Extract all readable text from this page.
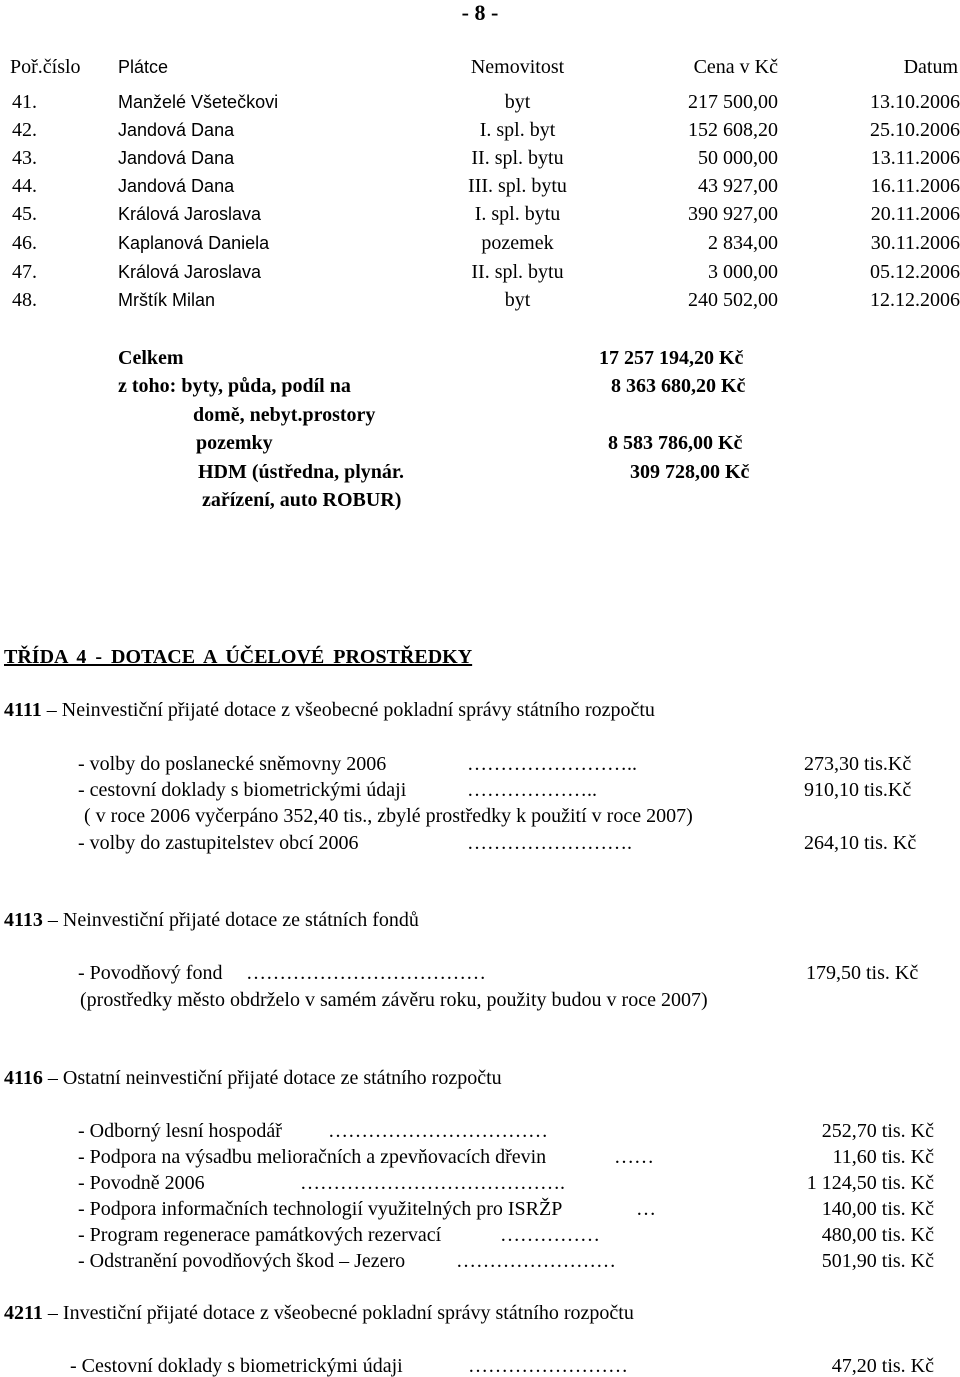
- 8 -
Poř.číslo Plátce	Nemovitost	Cena v Kč	Datum
41.	Manželé Všetečkovi	byt	217 500,00	13.10.2006
42.	Jandová Dana	I. spl. byt	152 608,20	25.10.2006
43.	Jandová Dana	II. spl. bytu	50 000,00	13.11.2006
44.	Jandová Dana	III. spl. bytu	43 927,00	16.11.2006
45.	Králová Jaroslava	I. spl. bytu	390 927,00	20.11.2006
46.	Kaplanová Daniela	pozemek	2 834,00	30.11.2006
47.	Králová Jaroslava	II. spl. bytu	3 000,00	05.12.2006
48.	Mrštík Milan	byt	240 502,00	12.12.2006
Celkem	17 257 194,20 Kč
z toho: byty, půda, podíl na	8 363 680,20 Kč
domě, nebyt.prostory
pozemky	8 583 786,00 Kč
HDM (ústředna, plynár.	309 728,00 Kč
zařízení, auto ROBUR)
TŘÍDA 4 - DOTACE A ÚČELOVÉ PROSTŘEDKY
4111 – Neinvestiční přijaté dotace z všeobecné pokladní správy státního rozpočtu
- volby do poslanecké sněmovny 2006	……………………..	273,30 tis.Kč
- cestovní doklady s biometrickými údaji	………………..	910,10 tis.Kč
( v roce 2006 vyčerpáno 352,40 tis., zbylé prostředky k použití v roce 2007)
- volby do zastupitelstev obcí 2006	…………………….	264,10 tis. Kč
4113 – Neinvestiční přijaté dotace ze státních fondů
- Povodňový fond ………………………………	179,50 tis. Kč
(prostředky město obdrželo v samém závěru roku, použity budou v roce 2007)
4116 – Ostatní neinvestiční přijaté dotace ze státního rozpočtu
- Odborný lesní hospodář ……………………………	252,70 tis. Kč
- Podpora na výsadbu melioračních a zpevňovacích dřevin	……	11,60 tis. Kč
- Povodně 2006	………………………………….	1 124,50 tis. Kč
- Podpora informačních technologií využitelných pro ISRŽP	…	140,00 tis. Kč
- Program regenerace památkových rezervací	……………	480,00 tis. Kč
- Odstranění povodňových škod – Jezero	……………………	501,90 tis. Kč
4211 – Investiční přijaté dotace z všeobecné pokladní správy státního rozpočtu
- Cestovní doklady s biometrickými údaji	……………………	47,20 tis. Kč
